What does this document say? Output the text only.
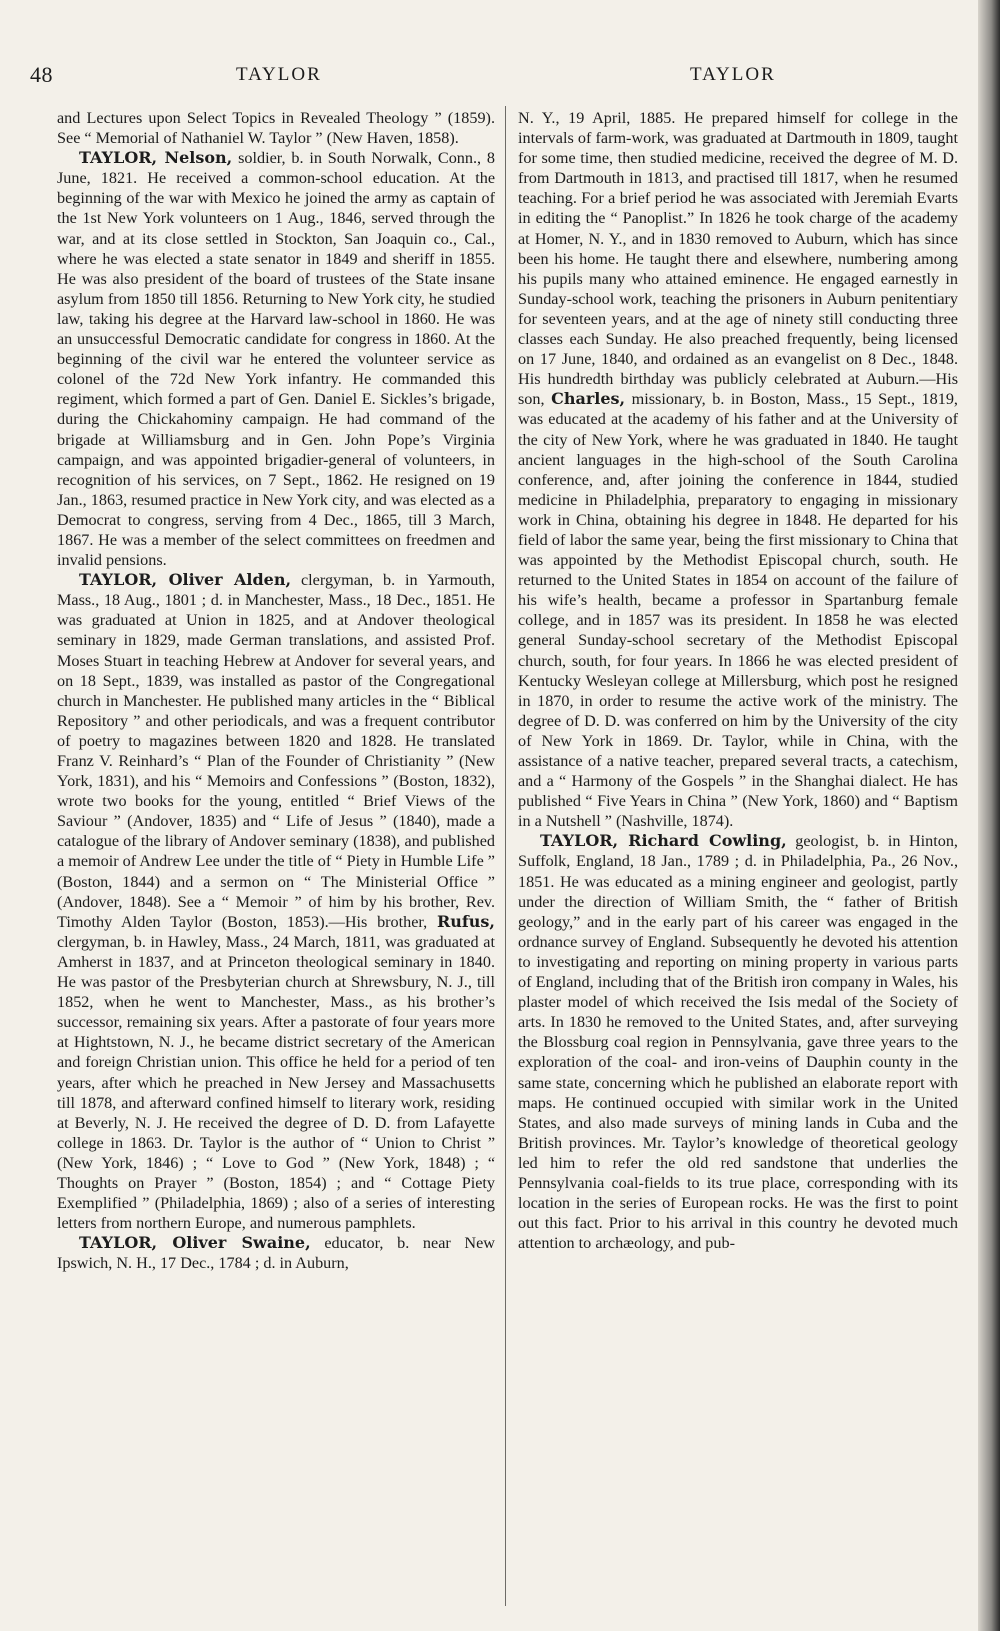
48	TAYLOR	TAYLOR

and Lectures upon Select Topics in Revealed Theology ” (1859). See “ Memorial of Nathaniel W. Taylor ” (New Haven, 1858).

TAYLOR, Nelson, soldier, b. in South Norwalk, Conn., 8 June, 1821. He received a common-school education. At the beginning of the war with Mexico he joined the army as captain of the 1st New York volunteers on 1 Aug., 1846, served through the war, and at its close settled in Stockton, San Joaquin co., Cal., where he was elected a state senator in 1849 and sheriff in 1855. He was also president of the board of trustees of the State insane asylum from 1850 till 1856. Returning to New York city, he studied law, taking his degree at the Harvard law-school in 1860. He was an unsuccessful Democratic candidate for congress in 1860. At the beginning of the civil war he entered the volunteer service as colonel of the 72d New York infantry. He commanded this regiment, which formed a part of Gen. Daniel E. Sickles’s brigade, during the Chickahominy campaign. He had command of the brigade at Williamsburg and in Gen. John Pope’s Virginia campaign, and was appointed brigadier-general of volunteers, in recognition of his services, on 7 Sept., 1862. He resigned on 19 Jan., 1863, resumed practice in New York city, and was elected as a Democrat to congress, serving from 4 Dec., 1865, till 3 March, 1867. He was a member of the select committees on freedmen and invalid pensions.

TAYLOR, Oliver Alden, clergyman, b. in Yarmouth, Mass., 18 Aug., 1801 ; d. in Manchester, Mass., 18 Dec., 1851. He was graduated at Union in 1825, and at Andover theological seminary in 1829, made German translations, and assisted Prof. Moses Stuart in teaching Hebrew at Andover for several years, and on 18 Sept., 1839, was installed as pastor of the Congregational church in Manchester. He published many articles in the “ Biblical Repository ” and other periodicals, and was a frequent contributor of poetry to magazines between 1820 and 1828. He translated Franz V. Reinhard’s “ Plan of the Founder of Christianity ” (New York, 1831), and his “ Memoirs and Confessions ” (Boston, 1832), wrote two books for the young, entitled “ Brief Views of the Saviour ” (Andover, 1835) and “ Life of Jesus ” (1840), made a catalogue of the library of Andover seminary (1838), and published a memoir of Andrew Lee under the title of “ Piety in Humble Life ” (Boston, 1844) and a sermon on “ The Ministerial Office ” (Andover, 1848). See a “ Memoir ” of him by his brother, Rev. Timothy Alden Taylor (Boston, 1853).—His brother, Rufus, clergyman, b. in Hawley, Mass., 24 March, 1811, was graduated at Amherst in 1837, and at Princeton theological seminary in 1840. He was pastor of the Presbyterian church at Shrewsbury, N. J., till 1852, when he went to Manchester, Mass., as his brother’s successor, remaining six years. After a pastorate of four years more at Hightstown, N. J., he became district secretary of the American and foreign Christian union. This office he held for a period of ten years, after which he preached in New Jersey and Massachusetts till 1878, and afterward confined himself to literary work, residing at Beverly, N. J. He received the degree of D. D. from Lafayette college in 1863. Dr. Taylor is the author of “ Union to Christ ” (New York, 1846) ; “ Love to God ” (New York, 1848) ; “ Thoughts on Prayer ” (Boston, 1854) ; and “ Cottage Piety Exemplified ” (Philadelphia, 1869) ; also of a series of interesting letters from northern Europe, and numerous pamphlets.

TAYLOR, Oliver Swaine, educator, b. near New Ipswich, N. H., 17 Dec., 1784 ; d. in Auburn,

N. Y., 19 April, 1885. He prepared himself for college in the intervals of farm-work, was graduated at Dartmouth in 1809, taught for some time, then studied medicine, received the degree of M. D. from Dartmouth in 1813, and practised till 1817, when he resumed teaching. For a brief period he was associated with Jeremiah Evarts in editing the “ Panoplist.” In 1826 he took charge of the academy at Homer, N. Y., and in 1830 removed to Auburn, which has since been his home. He taught there and elsewhere, numbering among his pupils many who attained eminence. He engaged earnestly in Sunday-school work, teaching the prisoners in Auburn penitentiary for seventeen years, and at the age of ninety still conducting three classes each Sunday. He also preached frequently, being licensed on 17 June, 1840, and ordained as an evangelist on 8 Dec., 1848. His hundredth birthday was publicly celebrated at Auburn.—His son, Charles, missionary, b. in Boston, Mass., 15 Sept., 1819, was educated at the academy of his father and at the University of the city of New York, where he was graduated in 1840. He taught ancient languages in the high-school of the South Carolina conference, and, after joining the conference in 1844, studied medicine in Philadelphia, preparatory to engaging in missionary work in China, obtaining his degree in 1848. He departed for his field of labor the same year, being the first missionary to China that was appointed by the Methodist Episcopal church, south. He returned to the United States in 1854 on account of the failure of his wife’s health, became a professor in Spartanburg female college, and in 1857 was its president. In 1858 he was elected general Sunday-school secretary of the Methodist Episcopal church, south, for four years. In 1866 he was elected president of Kentucky Wesleyan college at Millersburg, which post he resigned in 1870, in order to resume the active work of the ministry. The degree of D. D. was conferred on him by the University of the city of New York in 1869. Dr. Taylor, while in China, with the assistance of a native teacher, prepared several tracts, a catechism, and a “ Harmony of the Gospels ” in the Shanghai dialect. He has published “ Five Years in China ” (New York, 1860) and “ Baptism in a Nutshell ” (Nashville, 1874).

TAYLOR, Richard Cowling, geologist, b. in Hinton, Suffolk, England, 18 Jan., 1789 ; d. in Philadelphia, Pa., 26 Nov., 1851. He was educated as a mining engineer and geologist, partly under the direction of William Smith, the “ father of British geology,” and in the early part of his career was engaged in the ordnance survey of England. Subsequently he devoted his attention to investigating and reporting on mining property in various parts of England, including that of the British iron company in Wales, his plaster model of which received the Isis medal of the Society of arts. In 1830 he removed to the United States, and, after surveying the Blossburg coal region in Pennsylvania, gave three years to the exploration of the coal- and iron-veins of Dauphin county in the same state, concerning which he published an elaborate report with maps. He continued occupied with similar work in the United States, and also made surveys of mining lands in Cuba and the British provinces. Mr. Taylor’s knowledge of theoretical geology led him to refer the old red sandstone that underlies the Pennsylvania coal-fields to its true place, corresponding with its location in the series of European rocks. He was the first to point out this fact. Prior to his arrival in this country he devoted much attention to archæology, and pub-
